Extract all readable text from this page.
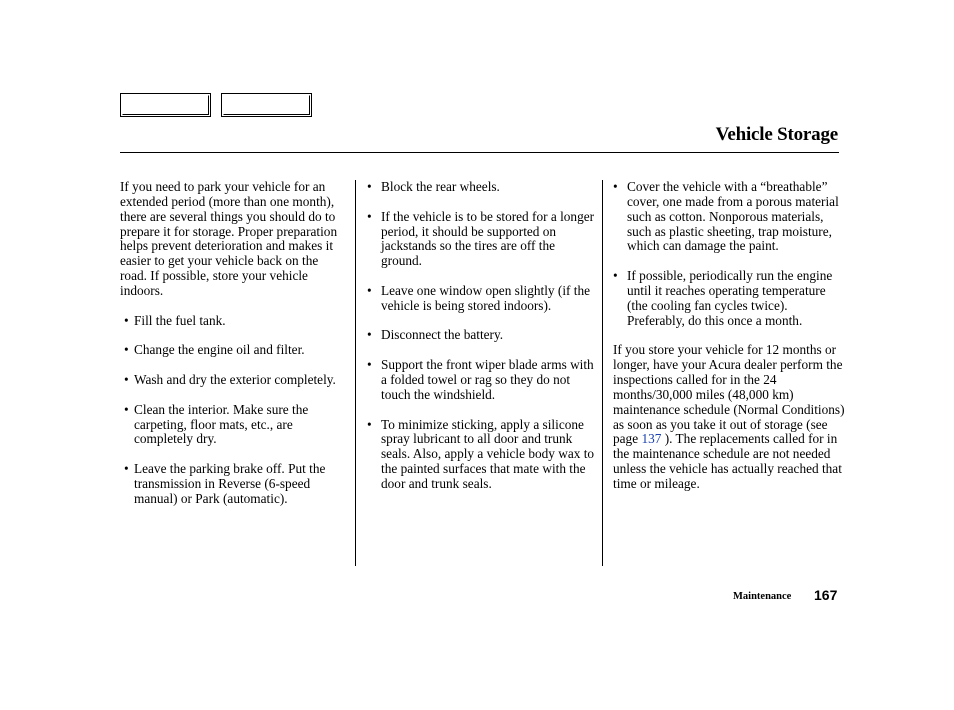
Vehicle Storage

If you need to park your vehicle for an extended period (more than one month), there are several things you should do to prepare it for storage. Proper preparation helps prevent deterioration and makes it easier to get your vehicle back on the road. If possible, store your vehicle indoors.

• Fill the fuel tank.
• Change the engine oil and filter.
• Wash and dry the exterior completely.
• Clean the interior. Make sure the carpeting, floor mats, etc., are completely dry.
• Leave the parking brake off. Put the transmission in Reverse (6-speed manual) or Park (automatic).
• Block the rear wheels.
• If the vehicle is to be stored for a longer period, it should be supported on jackstands so the tires are off the ground.
• Leave one window open slightly (if the vehicle is being stored indoors).
• Disconnect the battery.
• Support the front wiper blade arms with a folded towel or rag so they do not touch the windshield.
• To minimize sticking, apply a silicone spray lubricant to all door and trunk seals. Also, apply a vehicle body wax to the painted surfaces that mate with the door and trunk seals.
• Cover the vehicle with a “breathable” cover, one made from a porous material such as cotton. Nonporous materials, such as plastic sheeting, trap moisture, which can damage the paint.
• If possible, periodically run the engine until it reaches operating temperature (the cooling fan cycles twice). Preferably, do this once a month.

If you store your vehicle for 12 months or longer, have your Acura dealer perform the inspections called for in the 24 months/30,000 miles (48,000 km) maintenance schedule (Normal Conditions) as soon as you take it out of storage (see page 137 ). The replacements called for in the maintenance schedule are not needed unless the vehicle has actually reached that time or mileage.

Maintenance 167
